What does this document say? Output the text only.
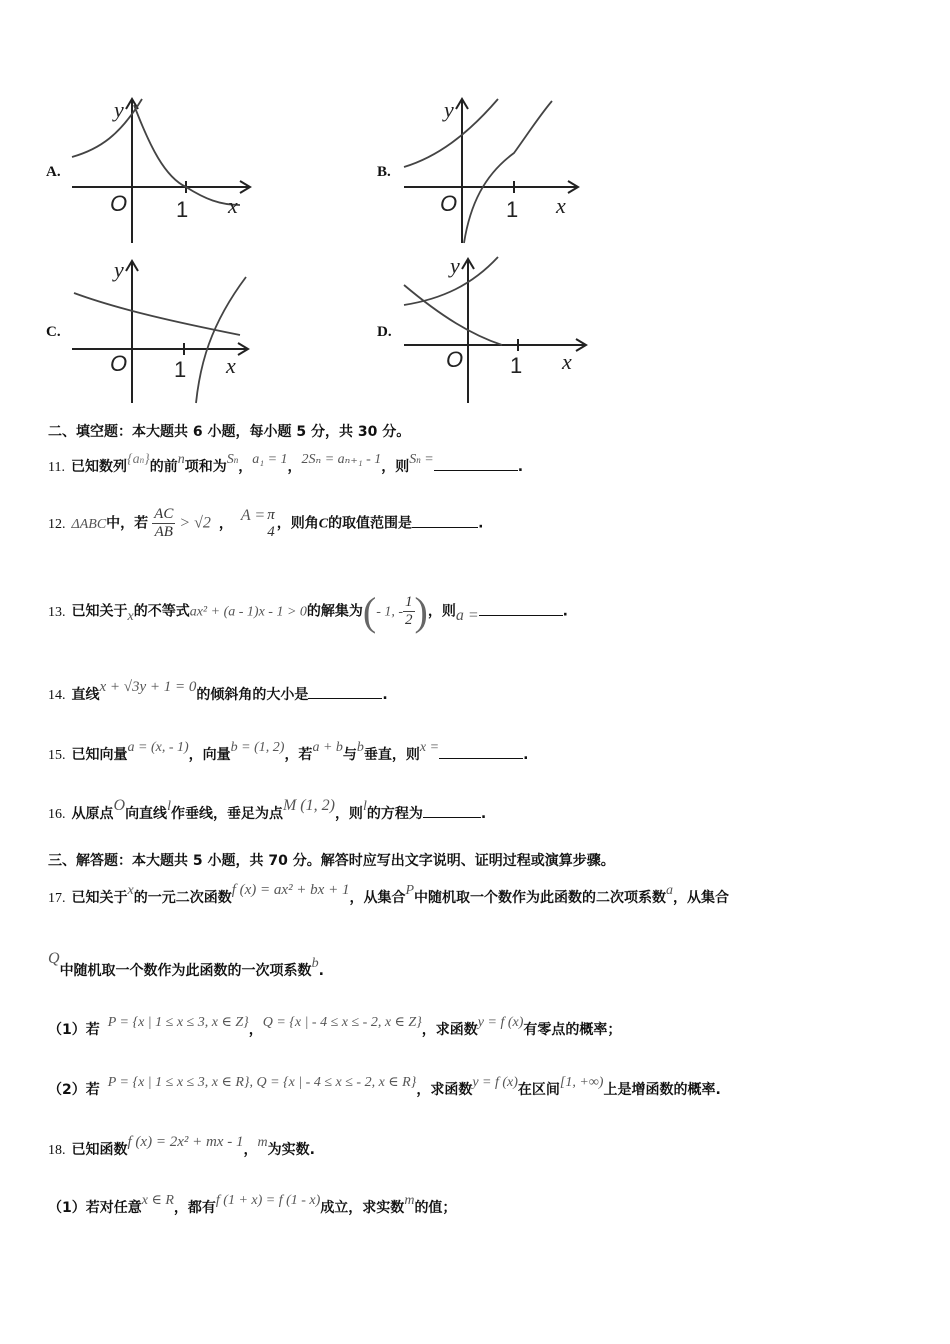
A.
y
O 1 x
B.
y
O 1 x
C.
y
O 1 x
D.
y
O 1 x
二、填空题：本大题共 6 小题，每小题 5 分，共 30 分。
11. 已知数列{an}的前n项和为Sn，a₁ = 1，2Sₙ = aₙ₊₁ - 1，则Sn =	.
12. ΔABC中，若 $\frac{AC}{AB} > √2$ ， A = π
4 ，则角C的取值范围是	.
13. 已知关于x的不等式ax² + (a - 1)x - 1 > 0的解集为(- 1, - $\frac{1}{2}$ )，则a =	.
14. 直线x + √3y + 1 = 0的倾斜角的大小是	.
15. 已知向量a = (x, - 1)，向量b = (1, 2)，若a + b与b垂直，则x =	.
16. 从原点O向直线l作垂线，垂足为点M (1, 2)，则l的方程为	.
三、解答题：本大题共 5 小题，共 70 分。解答时应写出文字说明、证明过程或演算步骤。
17. 已知关于x的一元二次函数f (x) = ax² + bx + 1，从集合P中随机取一个数作为此函数的二次项系数a，从集合
Q中随机取一个数作为此函数的一次项系数b.
（1）若 P = {x | 1 ≤ x ≤ 3, x ∈ Z}，Q = {x | - 4 ≤ x ≤ - 2, x ∈ Z}，求函数y = f (x)有零点的概率；
（2）若 P = {x | 1 ≤ x ≤ 3, x ∈ R}, Q = {x | - 4 ≤ x ≤ - 2, x ∈ R}，求函数y = f (x)在区间[1, +∞)上是增函数的概率.
18. 已知函数f (x) = 2x² + mx - 1，m为实数.
（1）若对任意x ∈ R，都有f (1 + x) = f (1 - x)成立，求实数m的值；
